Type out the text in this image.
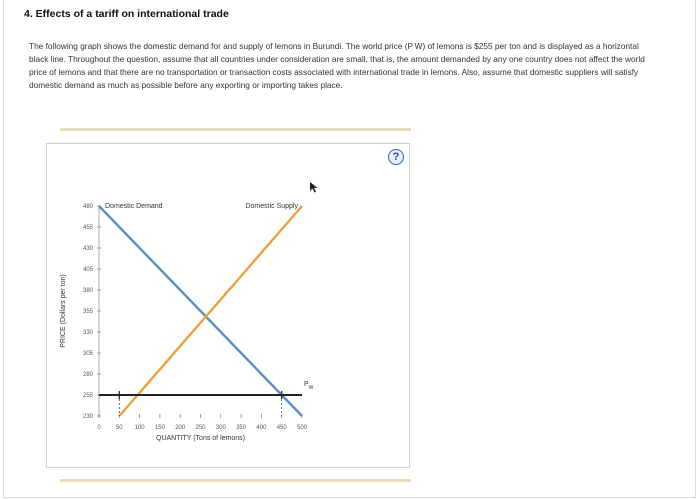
4. Effects of a tariff on international trade
The following graph shows the domestic demand for and supply of lemons in Burundi. The world price (P W) of lemons is $255 per ton and is displayed as a horizontal black line. Throughout the question, assume that all countries under consideration are small, that is, the amount demanded by any one country does not affect the world price of lemons and that there are no transportation or transaction costs associated with international trade in lemons. Also, assume that domestic suppliers will satisfy domestic demand as much as possible before any exporting or importing takes place.
230
255
280
305
330
355
380
405
430
455
480
0	50 100 150 200 250 300 350 400 450 500
QUANTITY (Tons of lemons)
PRICE (Dollars per ton)
Domestic Demand	Domestic Supply
$P_W$
?
